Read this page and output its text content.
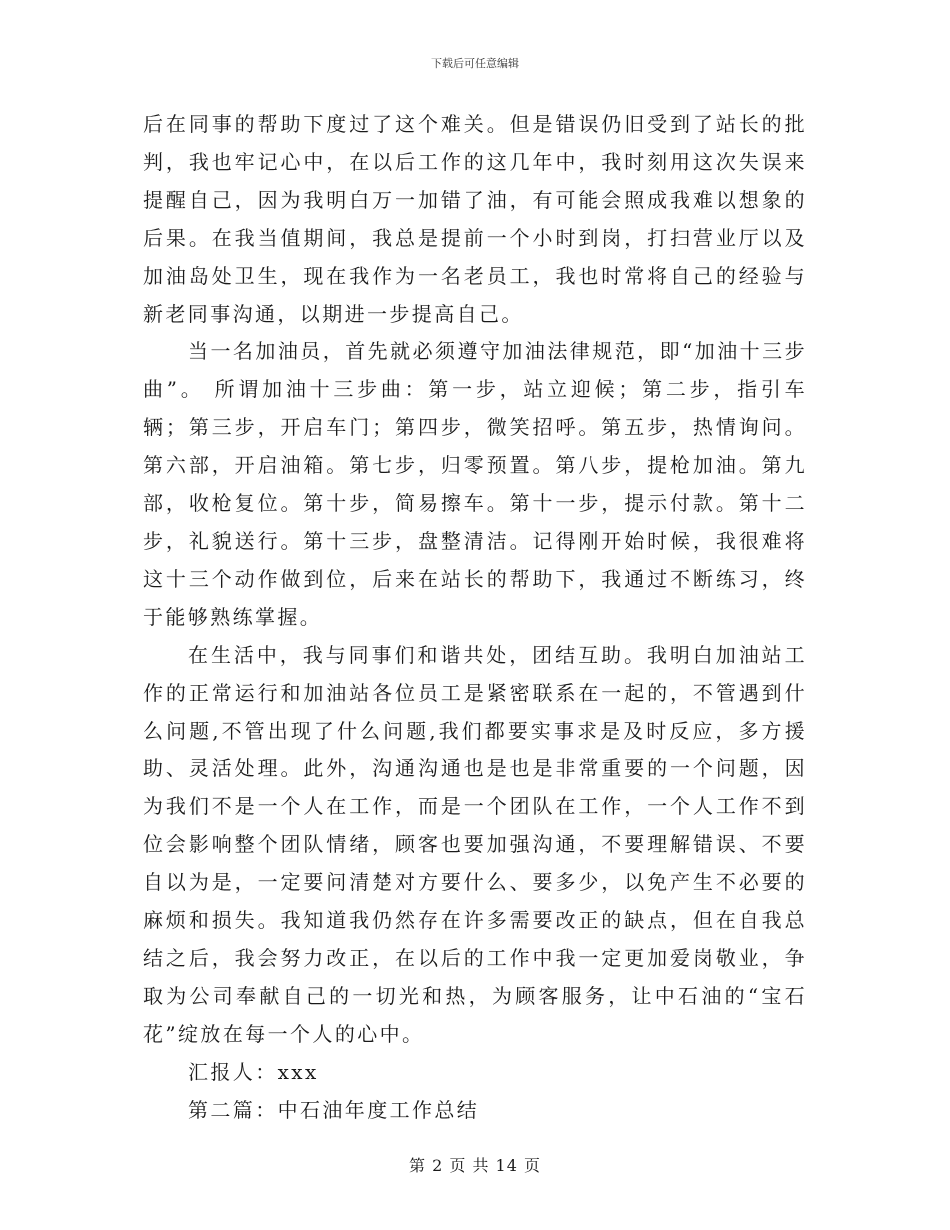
下载后可任意编辑

后在同事的帮助下度过了这个难关。但是错误仍旧受到了站长的批判，我也牢记心中，在以后工作的这几年中，我时刻用这次失误来提醒自己，因为我明白万一加错了油，有可能会照成我难以想象的后果。在我当值期间，我总是提前一个小时到岗，打扫营业厅以及加油岛处卫生，现在我作为一名老员工，我也时常将自己的经验与新老同事沟通，以期进一步提高自己。

当一名加油员，首先就必须遵守加油法律规范，即“加油十三步曲”。 所谓加油十三步曲：第一步，站立迎候；第二步，指引车辆；第三步，开启车门；第四步，微笑招呼。第五步，热情询问。第六部，开启油箱。第七步，归零预置。第八步，提枪加油。第九部，收枪复位。第十步，简易擦车。第十一步，提示付款。第十二步，礼貌送行。第十三步，盘整清洁。记得刚开始时候，我很难将这十三个动作做到位，后来在站长的帮助下，我通过不断练习，终于能够熟练掌握。

在生活中，我与同事们和谐共处，团结互助。我明白加油站工作的正常运行和加油站各位员工是紧密联系在一起的，不管遇到什么问题,不管出现了什么问题,我们都要实事求是及时反应，多方援助、灵活处理。此外，沟通沟通也是也是非常重要的一个问题，因为我们不是一个人在工作，而是一个团队在工作，一个人工作不到位会影响整个团队情绪，顾客也要加强沟通，不要理解错误、不要自以为是，一定要问清楚对方要什么、要多少，以免产生不必要的麻烦和损失。我知道我仍然存在许多需要改正的缺点，但在自我总结之后，我会努力改正，在以后的工作中我一定更加爱岗敬业，争取为公司奉献自己的一切光和热，为顾客服务，让中石油的“宝石花”绽放在每一个人的心中。

汇报人：xxx

第二篇：中石油年度工作总结

第 2 页 共 14 页
